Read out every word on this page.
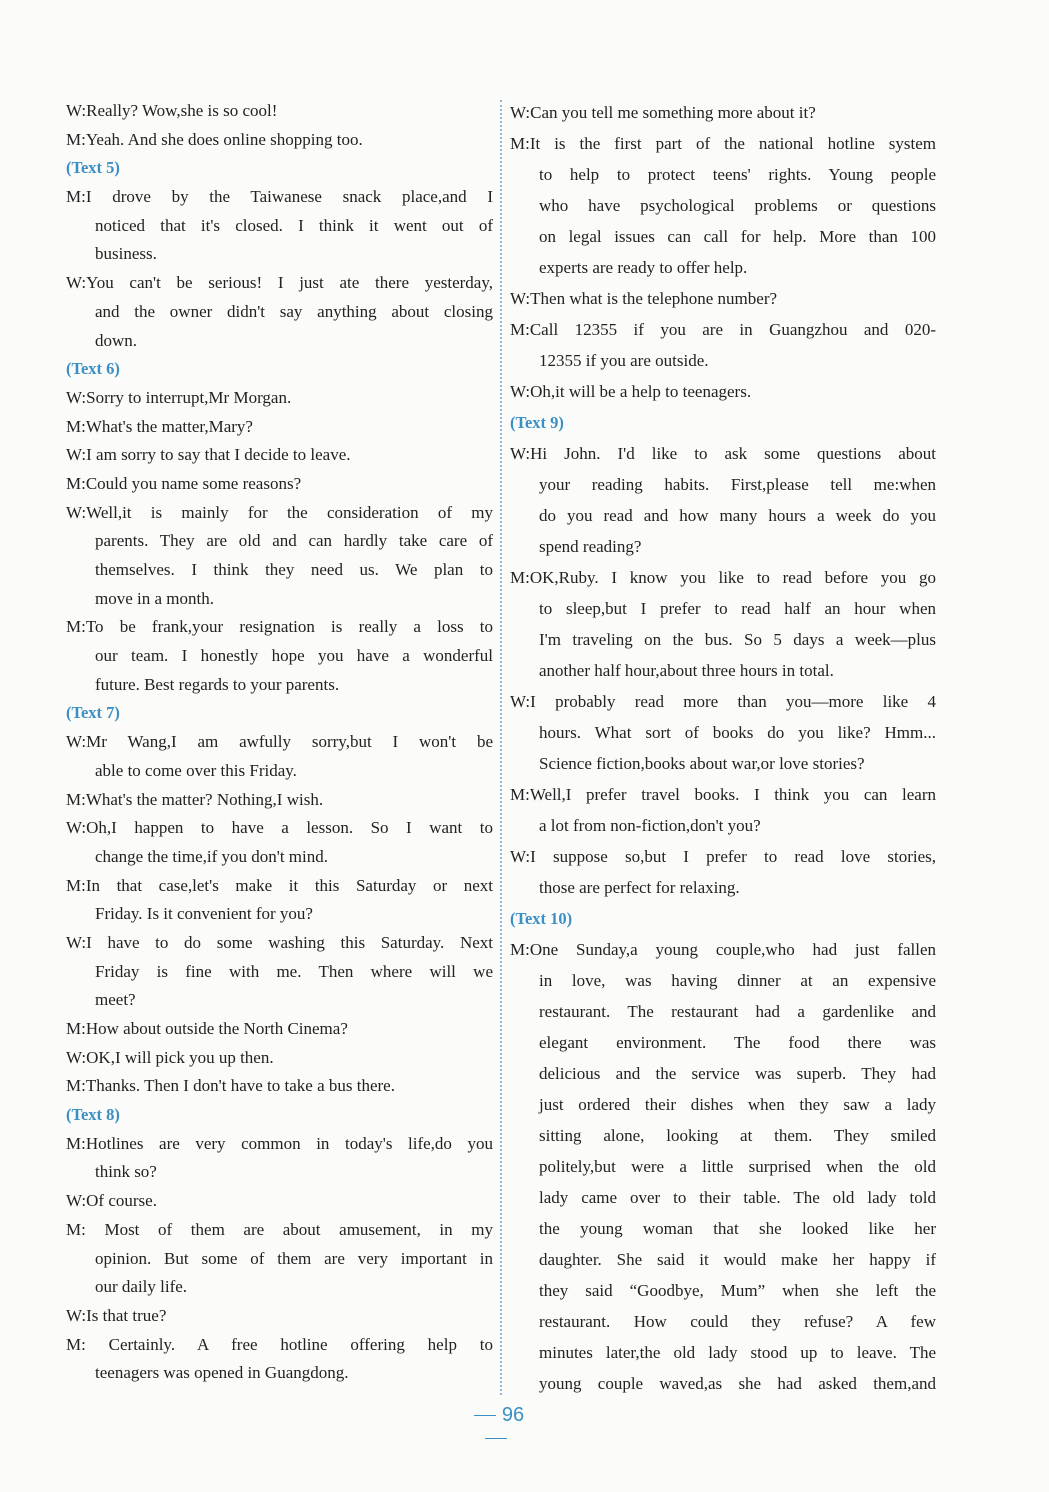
W:Really? Wow,she is so cool!
M:Yeah. And she does online shopping too.
(Text 5)
M:I drove by the Taiwanese snack place,and I
noticed that it's closed. I think it went out of
business.
W:You can't be serious! I just ate there yesterday,
and the owner didn't say anything about closing
down.
(Text 6)
W:Sorry to interrupt,Mr Morgan.
M:What's the matter,Mary?
W:I am sorry to say that I decide to leave.
M:Could you name some reasons?
W:Well,it is mainly for the consideration of my
parents. They are old and can hardly take care of
themselves. I think they need us. We plan to
move in a month.
M:To be frank,your resignation is really a loss to
our team. I honestly hope you have a wonderful
future. Best regards to your parents.
(Text 7)
W:Mr Wang,I am awfully sorry,but I won't be
able to come over this Friday.
M:What's the matter? Nothing,I wish.
W:Oh,I happen to have a lesson. So I want to
change the time,if you don't mind.
M:In that case,let's make it this Saturday or next
Friday. Is it convenient for you?
W:I have to do some washing this Saturday. Next
Friday is fine with me. Then where will we
meet?
M:How about outside the North Cinema?
W:OK,I will pick you up then.
M:Thanks. Then I don't have to take a bus there.
(Text 8)
M:Hotlines are very common in today's life,do you
think so?
W:Of course.
M: Most of them are about amusement, in my
opinion. But some of them are very important in
our daily life.
W:Is that true?
M: Certainly. A free hotline offering help to
teenagers was opened in Guangdong.
W:Can you tell me something more about it?
M:It is the first part of the national hotline system
to help to protect teens' rights. Young people
who have psychological problems or questions
on legal issues can call for help. More than 100
experts are ready to offer help.
W:Then what is the telephone number?
M:Call 12355 if you are in Guangzhou and 020-
12355 if you are outside.
W:Oh,it will be a help to teenagers.
(Text 9)
W:Hi John. I'd like to ask some questions about
your reading habits. First,please tell me:when
do you read and how many hours a week do you
spend reading?
M:OK,Ruby. I know you like to read before you go
to sleep,but I prefer to read half an hour when
I'm traveling on the bus. So 5 days a week—plus
another half hour,about three hours in total.
W:I probably read more than you—more like 4
hours. What sort of books do you like? Hmm...
Science fiction,books about war,or love stories?
M:Well,I prefer travel books. I think you can learn
a lot from non-fiction,don't you?
W:I suppose so,but I prefer to read love stories,
those are perfect for relaxing.
(Text 10)
M:One Sunday,a young couple,who had just fallen
in love, was having dinner at an expensive
restaurant. The restaurant had a gardenlike and
elegant environment. The food there was
delicious and the service was superb. They had
just ordered their dishes when they saw a lady
sitting alone, looking at them. They smiled
politely,but were a little surprised when the old
lady came over to their table. The old lady told
the young woman that she looked like her
daughter. She said it would make her happy if
they said “Goodbye, Mum” when she left the
restaurant. How could they refuse? A few
minutes later,the old lady stood up to leave. The
young couple waved,as she had asked them,and
96
